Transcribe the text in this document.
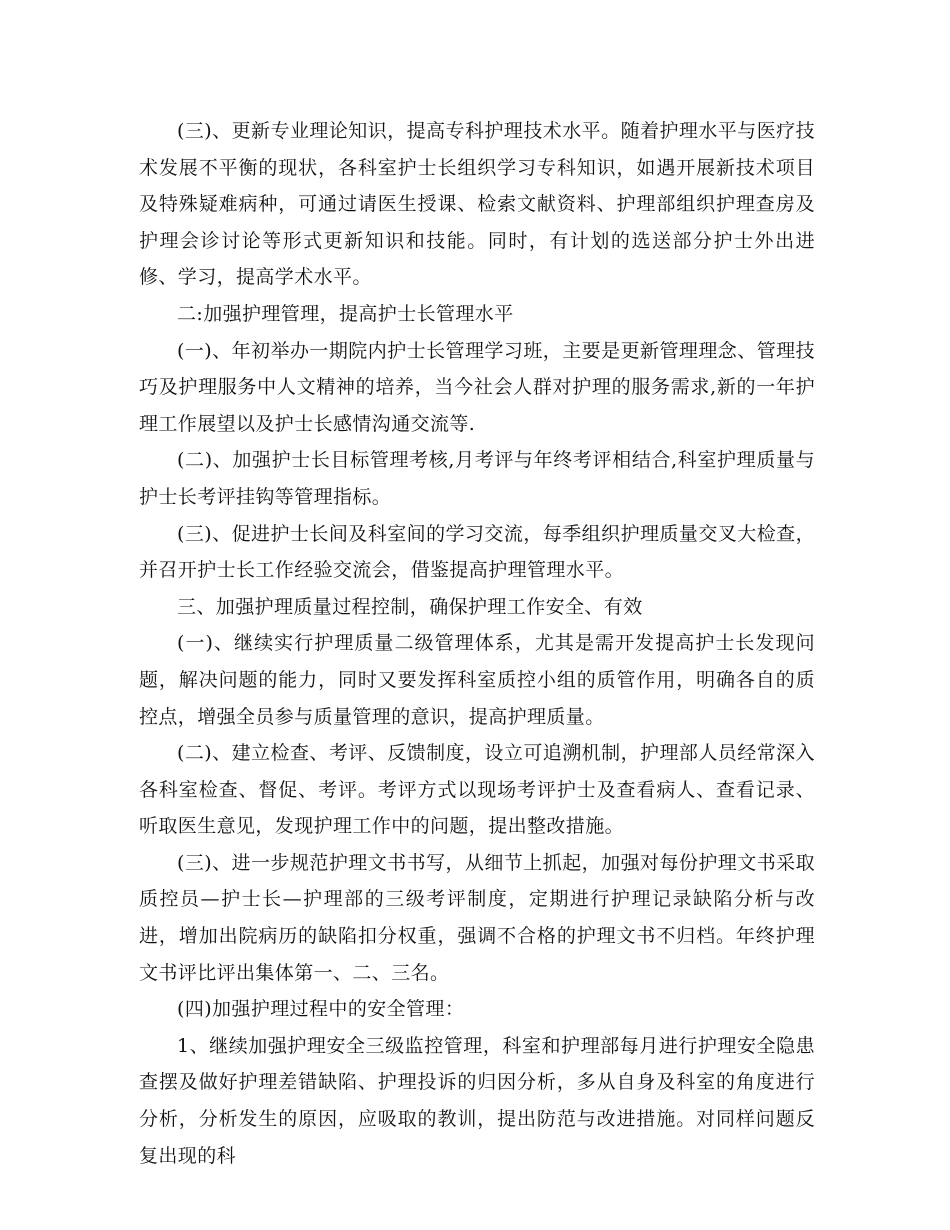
(三)、更新专业理论知识，提高专科护理技术水平。随着护理水平与医疗技术发展不平衡的现状，各科室护士长组织学习专科知识，如遇开展新技术项目及特殊疑难病种，可通过请医生授课、检索文献资料、护理部组织护理查房及护理会诊讨论等形式更新知识和技能。同时，有计划的选送部分护士外出进修、学习，提高学术水平。

二:加强护理管理，提高护士长管理水平

(一)、年初举办一期院内护士长管理学习班，主要是更新管理理念、管理技巧及护理服务中人文精神的培养，当今社会人群对护理的服务需求,新的一年护理工作展望以及护士长感情沟通交流等.

(二)、加强护士长目标管理考核,月考评与年终考评相结合,科室护理质量与护士长考评挂钩等管理指标。

(三)、促进护士长间及科室间的学习交流，每季组织护理质量交叉大检查，并召开护士长工作经验交流会，借鉴提高护理管理水平。

三、加强护理质量过程控制，确保护理工作安全、有效

(一)、继续实行护理质量二级管理体系，尤其是需开发提高护士长发现问题，解决问题的能力，同时又要发挥科室质控小组的质管作用，明确各自的质控点，增强全员参与质量管理的意识，提高护理质量。

(二)、建立检查、考评、反馈制度，设立可追溯机制，护理部人员经常深入各科室检查、督促、考评。考评方式以现场考评护士及查看病人、查看记录、听取医生意见，发现护理工作中的问题，提出整改措施。

(三)、进一步规范护理文书书写，从细节上抓起，加强对每份护理文书采取质控员—护士长—护理部的三级考评制度，定期进行护理记录缺陷分析与改进，增加出院病历的缺陷扣分权重，强调不合格的护理文书不归档。年终护理文书评比评出集体第一、二、三名。

(四)加强护理过程中的安全管理：

1、继续加强护理安全三级监控管理，科室和护理部每月进行护理安全隐患查摆及做好护理差错缺陷、护理投诉的归因分析，多从自身及科室的角度进行分析，分析发生的原因，应吸取的教训，提出防范与改进措施。对同样问题反复出现的科
